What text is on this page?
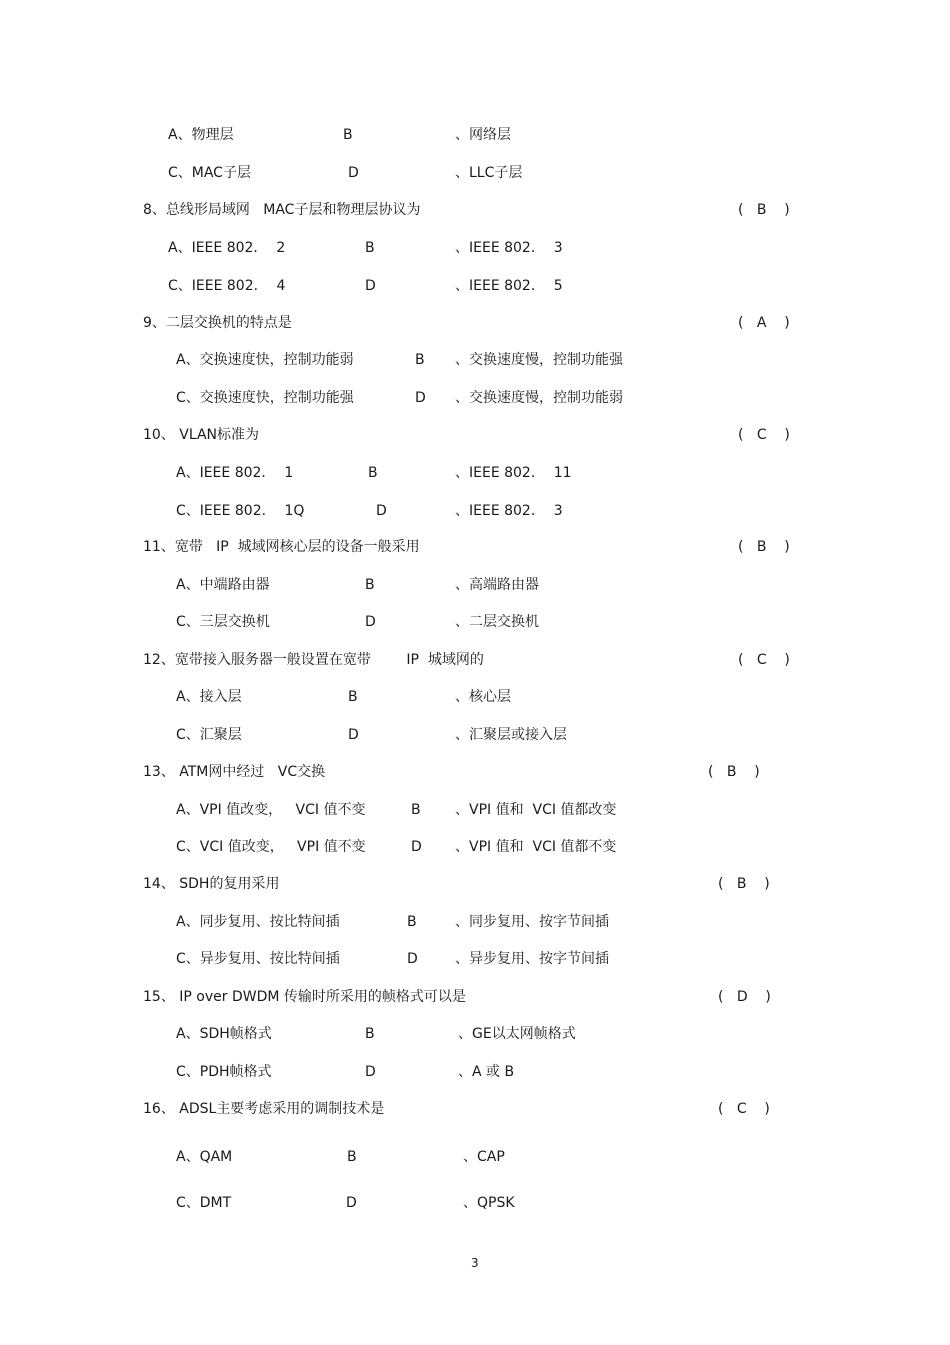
A、物理层	B	、网络层
C、MAC子层	D	、LLC子层
8、总线形局域网   MAC子层和物理层协议为	(   B    )
A、IEEE 802．  2	B	、IEEE 802．  3
C、IEEE 802．  4	D	、IEEE 802．  5
9、二层交换机的特点是	(   A    )
A、交换速度快，控制功能弱	B 、交换速度慢，控制功能强
C、交换速度快，控制功能强	D 、交换速度慢，控制功能弱
10、 VLAN标准为	(   C    )
A、IEEE 802．  1	B	、IEEE 802．  11
C、IEEE 802．  1Q	D	、IEEE 802．  3
11、宽带   IP  城域网核心层的设备一般采用	(   B    )
A、中端路由器	B	、高端路由器
C、三层交换机	D	、二层交换机
12、宽带接入服务器一般设置在宽带        IP  城域网的	(   C    )
A、接入层	B	、核心层
C、汇聚层	D	、汇聚层或接入层
13、 ATM网中经过   VC交换	(   B    )
A、VPI 值改变，   VCI 值不变	B 、VPI 值和  VCI 值都改变
C、VCI 值改变，   VPI 值不变	D 、VPI 值和  VCI 值都不变
14、 SDH的复用采用	(   B    )
A、同步复用、按比特间插	B	、同步复用、按字节间插
C、异步复用、按比特间插	D	、异步复用、按字节间插
15、 IP over DWDM 传输时所采用的帧格式可以是	(   D    )
A、SDH帧格式	B	、GE以太网帧格式
C、PDH帧格式	D	、A 或 B
16、 ADSL主要考虑采用的调制技术是	(   C    )
A、QAM	B	、CAP
C、DMT	D	、QPSK
3
